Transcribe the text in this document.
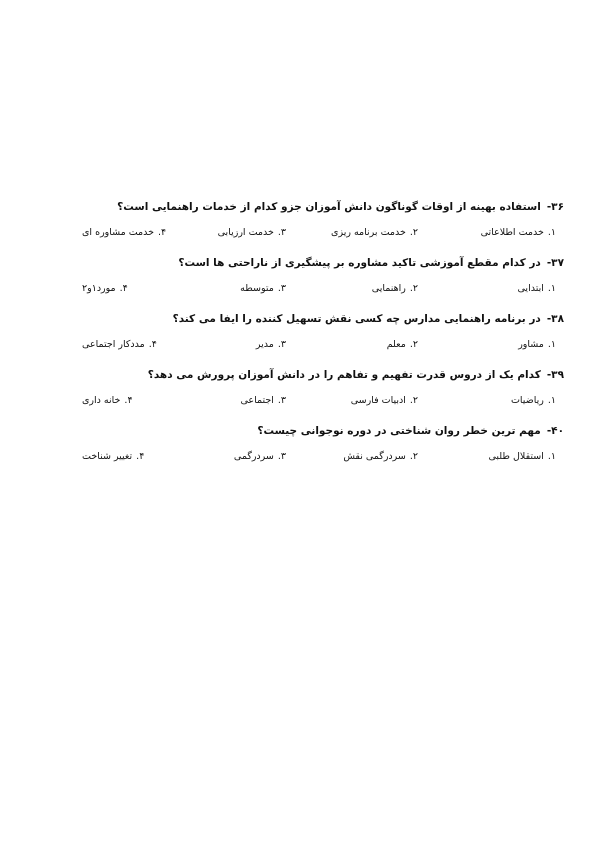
۳۶-استفاده بهینه از اوقات گوناگون دانش آموزان جزو کدام از خدمات راهنمایی است؟
۱.خدمت اطلاعاتی
۲.خدمت برنامه ریزی
۳.خدمت ارزیابی
۴.خدمت مشاوره ای
۳۷-در کدام مقطع آموزشی تاکید مشاوره بر پیشگیری از ناراحتی ها است؟
۱.ابتدایی
۲.راهنمایی
۳.متوسطه
۴.مورد۱و۲
۳۸-در برنامه راهنمایی مدارس چه کسی نقش تسهیل کننده را ایفا می کند؟
۱.مشاور
۲.معلم
۳.مدیر
۴.مددکار اجتماعی
۳۹-کدام یک از دروس قدرت تفهیم و تفاهم را در دانش آموزان پرورش می دهد؟
۱.ریاضیات
۲.ادبیات فارسی
۳.اجتماعی
۴.خانه داری
۴۰-مهم ترین خطر روان شناختی در دوره نوجوانی چیست؟
۱.استقلال طلبی
۲.سردرگمی نقش
۳.سردرگمی
۴.تغییر شناخت
